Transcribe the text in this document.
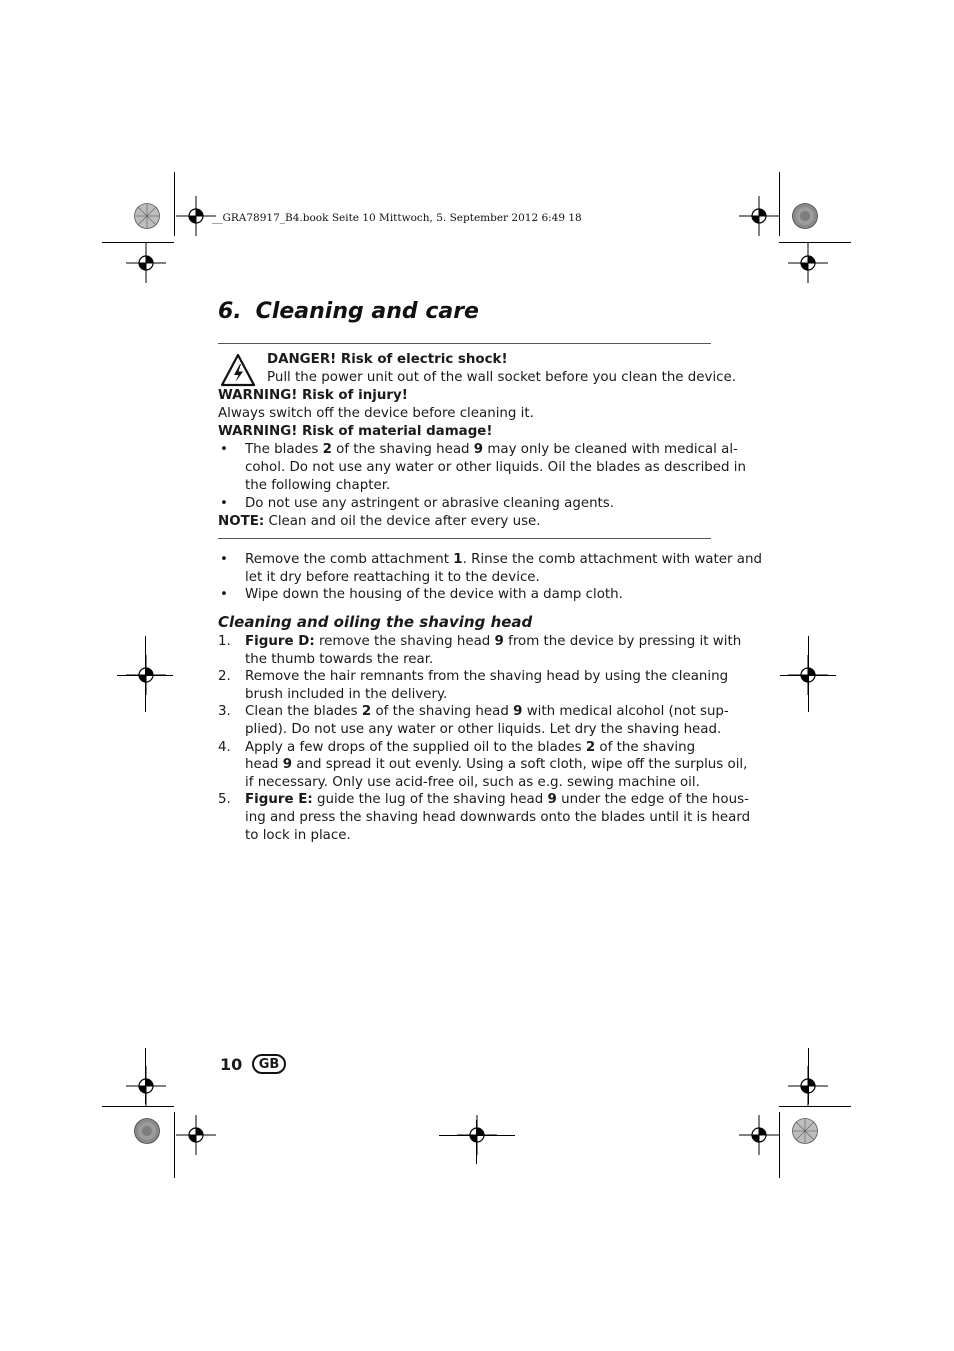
__GRA78917_B4.book Seite 10 Mittwoch, 5. September 2012 6:49 18
6. Cleaning and care
DANGER! Risk of electric shock!
Pull the power unit out of the wall socket before you clean the device.
WARNING! Risk of injury!
Always switch off the device before cleaning it.
WARNING! Risk of material damage!
• The blades 2 of the shaving head 9 may only be cleaned with medical al-
cohol. Do not use any water or other liquids. Oil the blades as described in
the following chapter.
• Do not use any astringent or abrasive cleaning agents.
NOTE: Clean and oil the device after every use.
• Remove the comb attachment 1. Rinse the comb attachment with water and
let it dry before reattaching it to the device.
• Wipe down the housing of the device with a damp cloth.
Cleaning and oiling the shaving head
1. Figure D: remove the shaving head 9 from the device by pressing it with
the thumb towards the rear.
2. Remove the hair remnants from the shaving head by using the cleaning
brush included in the delivery.
3. Clean the blades 2 of the shaving head 9 with medical alcohol (not sup-
plied). Do not use any water or other liquids. Let dry the shaving head.
4. Apply a few drops of the supplied oil to the blades 2 of the shaving
head 9 and spread it out evenly. Using a soft cloth, wipe off the surplus oil,
if necessary. Only use acid-free oil, such as e.g. sewing machine oil.
5. Figure E: guide the lug of the shaving head 9 under the edge of the hous-
ing and press the shaving head downwards onto the blades until it is heard
to lock in place.
10	GB
